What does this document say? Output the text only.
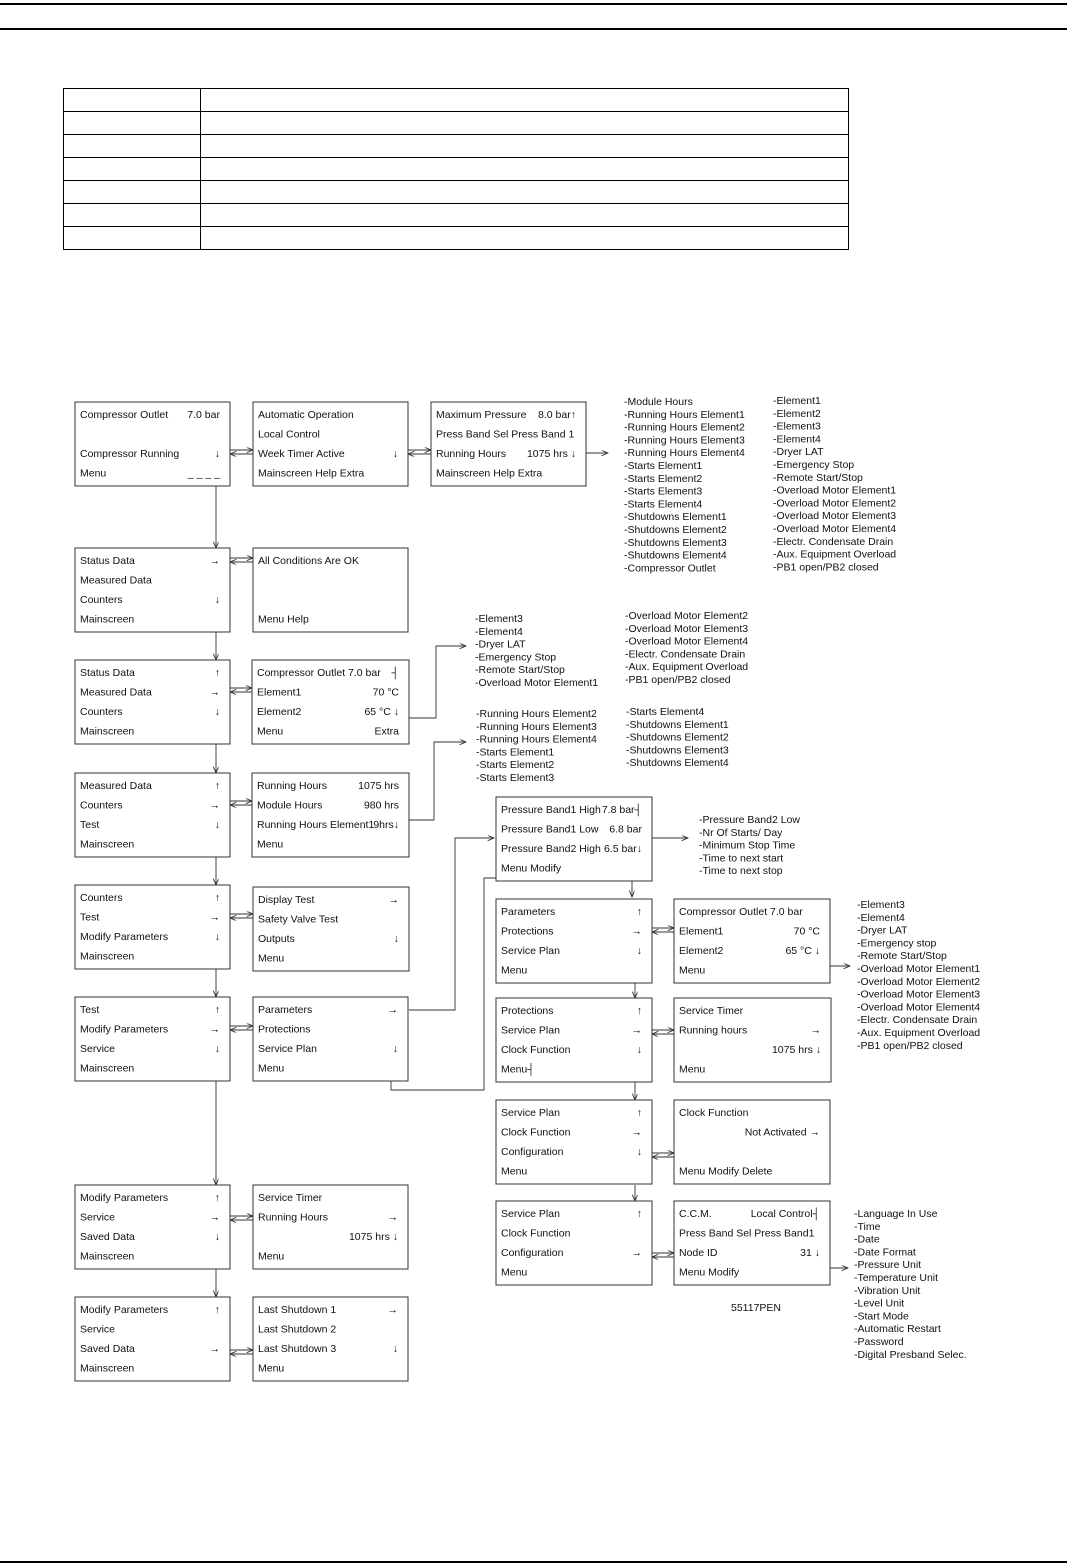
Compressor Outlet 7.0 bar
Compressor Running	↓
Menu	_ _ _ _
Automatic Operation
Local Control
Week Timer Active	↓
Mainscreen Help Extra
Maximum Pressure 8.0 bar↑
Press Band Sel Press Band 1
Running Hours 1075 hrs ↓
Mainscreen Help Extra
Status Data	→
Measured Data
Counters	↓
Mainscreen
All Conditions Are OK
Menu Help
Status Data	↑
Measured Data	→
Counters	↓
Mainscreen
Compressor Outlet 7.0 bar ┤
Element1	70 °C
Element2	65 °C ↓
Menu	Extra
Measured Data	↑
Counters	→
Test	↓
Mainscreen
Running Hours	1075 hrs
Module Hours	980 hrs
Running Hours Element1
9hrs↓
Menu
Counters	↑
Test	→
Modify Parameters	↓
Mainscreen
Display Test	→
Safety Valve Test
Outputs	↓
Menu
Test	↑
Modify Parameters	→
Service	↓
Mainscreen
Parameters	→
Protections
Service Plan	↓
Menu
Modify Parameters	↑
Service	→
Saved Data	↓
Mainscreen
Service Timer
Running Hours	→
1075 hrs ↓
Menu
Modify Parameters	↑
Service
Saved Data	→
Mainscreen
Last Shutdown 1	→
Last Shutdown 2
Last Shutdown 3	↓
Menu
Pressure Band1 High 7.8 bar┤
Pressure Band1 Low 6.8 bar
Pressure Band2 High 6.5 bar↓
Menu Modify
Parameters	↑
Protections	→
Service Plan	↓
Menu
Compressor Outlet 7.0 bar
Element1	70 °C
Element2	65 °C ↓
Menu
Protections	↑
Service Plan	→
Clock Function	↓
Menu┤
Service Timer
Running hours	→
1075 hrs ↓
Menu
Service Plan	↑
Clock Function	→
Configuration	↓
Menu
Clock Function
Not Activated →
Menu Modify Delete
Service Plan	↑
Clock Function
Configuration	→
Menu
C.C.M.	Local Control┤
Press Band Sel Press Band1
Node ID	31 ↓
Menu Modify
-Module Hours
-Running Hours Element1
-Running Hours Element2
-Running Hours Element3
-Running Hours Element4
-Starts Element1
-Starts Element2
-Starts Element3
-Starts Element4
-Shutdowns Element1
-Shutdowns Element2
-Shutdowns Element3
-Shutdowns Element4
-Compressor Outlet
-Element1
-Element2
-Element3
-Element4
-Dryer LAT
-Emergency Stop
-Remote Start/Stop
-Overload Motor Element1
-Overload Motor Element2
-Overload Motor Element3
-Overload Motor Element4
-Electr. Condensate Drain
-Aux. Equipment Overload
-PB1 open/PB2 closed
-Element3
-Element4
-Dryer LAT
-Emergency Stop
-Remote Start/Stop
-Overload Motor Element1
-Overload Motor Element2
-Overload Motor Element3
-Overload Motor Element4
-Electr. Condensate Drain
-Aux. Equipment Overload
-PB1 open/PB2 closed
-Running Hours Element2
-Running Hours Element3
-Running Hours Element4
-Starts Element1
-Starts Element2
-Starts Element3
-Starts Element4
-Shutdowns Element1
-Shutdowns Element2
-Shutdowns Element3
-Shutdowns Element4
-Pressure Band2 Low
-Nr Of Starts/ Day
-Minimum Stop Time
-Time to next start
-Time to next stop
-Element3
-Element4
-Dryer LAT
-Emergency stop
-Remote Start/Stop
-Overload Motor Element1
-Overload Motor Element2
-Overload Motor Element3
-Overload Motor Element4
-Electr. Condensate Drain
-Aux. Equipment Overload
-PB1 open/PB2 closed
-Language In Use
-Time
-Date
-Date Format
-Pressure Unit
-Temperature Unit
-Vibration Unit
-Level Unit
-Start Mode
-Automatic Restart
-Password
-Digital Presband Selec.
55117PEN
